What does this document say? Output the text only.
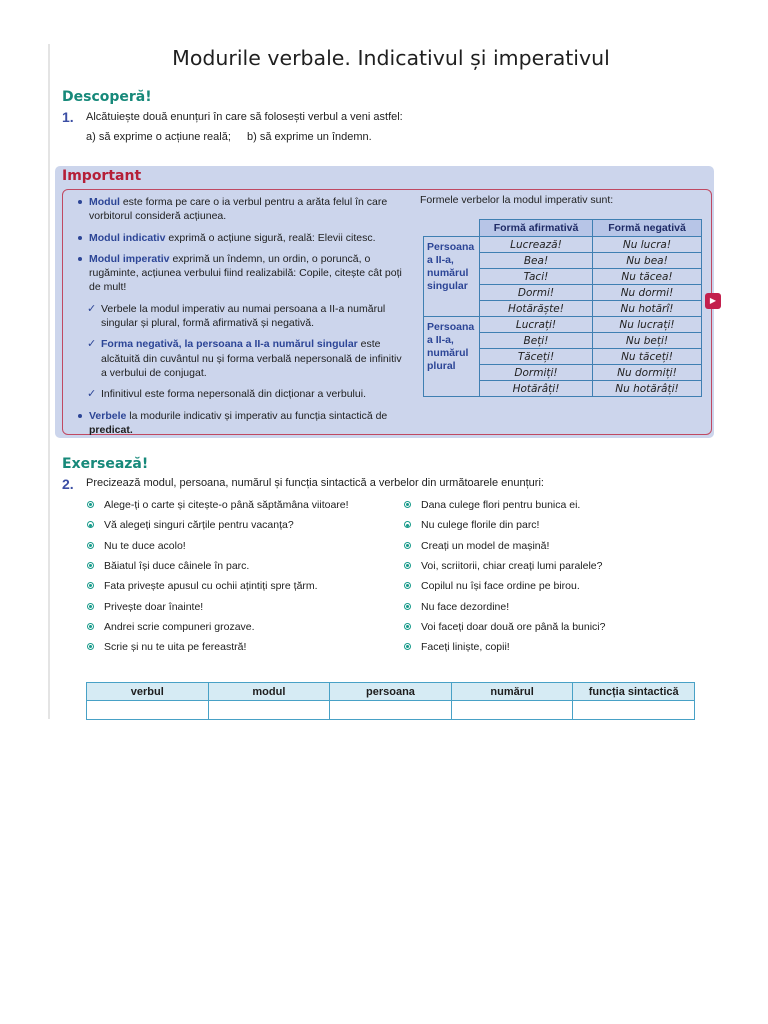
Modurile verbale. Indicativul și imperativul
Descoperă!
1. Alcătuiește două enunțuri în care să folosești verbul a veni astfel:
a) să exprime o acțiune reală; b) să exprime un îndemn.
Important

Modul este forma pe care o ia verbul pentru a arăta felul în care vorbitorul consideră acțiunea.

Modul indicativ exprimă o acțiune sigură, reală: Elevii citesc.

Modul imperativ exprimă un îndemn, un ordin, o poruncă, o rugăminte, acțiunea verbului fiind realizabilă: Copile, citește cât poți de mult!

✓ Verbele la modul imperativ au numai persoana a II-a numărul singular și plural, formă afirmativă și negativă.

✓ Forma negativă, la persoana a II-a numărul singular este alcătuită din cuvântul nu și forma verbală nepersonală de infinitiv a verbului de conjugat.

✓ Infinitivul este forma nepersonală din dicționar a verbului.

Verbele la modurile indicativ și imperativ au funcția sintactică de predicat.

Formele verbelor la modul imperativ sunt:
	Formă afirmativă	Formă negativă
Persoana a II-a, numărul singular	Lucrează!	Nu lucra!
	Bea!	Nu bea!
	Taci!	Nu tăcea!
	Dormi!	Nu dormi!
	Hotărăște!	Nu hotărî!
Persoana a II-a, numărul plural	Lucrați!	Nu lucrați!
	Beți!	Nu beți!
	Tăceți!	Nu tăceți!
	Dormiți!	Nu dormiți!
	Hotărâți!	Nu hotărâți!
▶
Exersează!
2. Precizează modul, persoana, numărul și funcția sintactică a verbelor din următoarele enunțuri:
Alege-ți o carte și citește-o până săptămâna viitoare!
Vă alegeți singuri cărțile pentru vacanța?
Nu te duce acolo!
Băiatul își duce câinele în parc.
Fata privește apusul cu ochii ațintiți spre țărm.
Privește doar înainte!
Andrei scrie compuneri grozave.
Scrie și nu te uita pe fereastră!
Dana culege flori pentru bunica ei.
Nu culege florile din parc!
Creați un model de mașină!
Voi, scriitorii, chiar creați lumi paralele?
Copilul nu își face ordine pe birou.
Nu face dezordine!
Voi faceți doar două ore până la bunici?
Faceți liniște, copii!
verbul	modul	persoana	numărul	funcția sintactică
